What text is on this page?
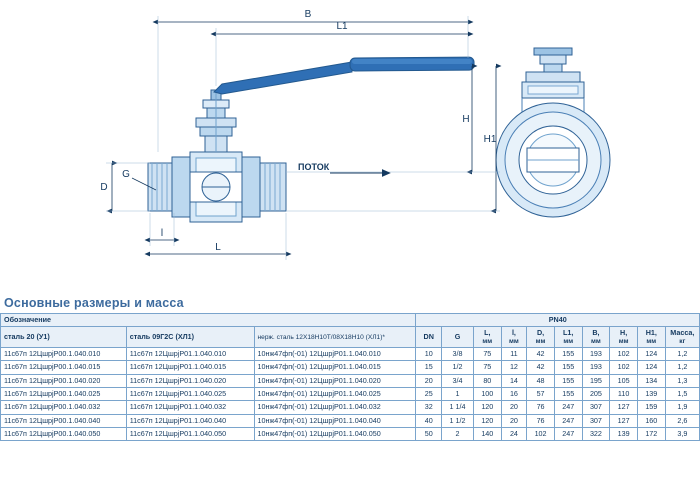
B
L1
H
H1
D
G
l
L
ПОТОК
Основные размеры и масса
Обозначение			PN40									
сталь 20 (У1)	сталь 09Г2С (ХЛ1)	нерж. сталь 12Х18Н10Т/08Х18Н10 (ХЛ1)*	DN	G	L,
мм	l,
мм	D,
мм	L1,
мм	B,
мм	H,
мм	H1,
мм	Масса,
кг

11с67п 12ЦшрјР00.1.040.010	11с67п 12ЦшрјР01.1.040.010	10нж47фп(-01) 12ЦшрјР01.1.040.010	10	3/8	75	11	42	155	193	102	124	1,2
11с67п 12ЦшрјР00.1.040.015	11с67п 12ЦшрјР01.1.040.015	10нж47фп(-01) 12ЦшрјР01.1.040.015	15	1/2	75	12	42	155	193	102	124	1,2
11с67п 12ЦшрјР00.1.040.020	11с67п 12ЦшрјР01.1.040.020	10нж47фп(-01) 12ЦшрјР01.1.040.020	20	3/4	80	14	48	155	195	105	134	1,3
11с67п 12ЦшрјР00.1.040.025	11с67п 12ЦшрјР01.1.040.025	10нж47фп(-01) 12ЦшрјР01.1.040.025	25	1	100	16	57	155	205	110	139	1,5
11с67п 12ЦшрјР00.1.040.032	11с67п 12ЦшрјР01.1.040.032	10нж47фп(-01) 12ЦшрјР01.1.040.032	32	1 1/4	120	20	76	247	307	127	159	1,9
11с67п 12ЦшрјР00.1.040.040	11с67п 12ЦшрјР01.1.040.040	10нж47фп(-01) 12ЦшрјР01.1.040.040	40	1 1/2	120	20	76	247	307	127	160	2,6
11с67п 12ЦшрјР00.1.040.050	11с67п 12ЦшрјР01.1.040.050	10нж47фп(-01) 12ЦшрјР01.1.040.050	50	2	140	24	102	247	322	139	172	3,9
